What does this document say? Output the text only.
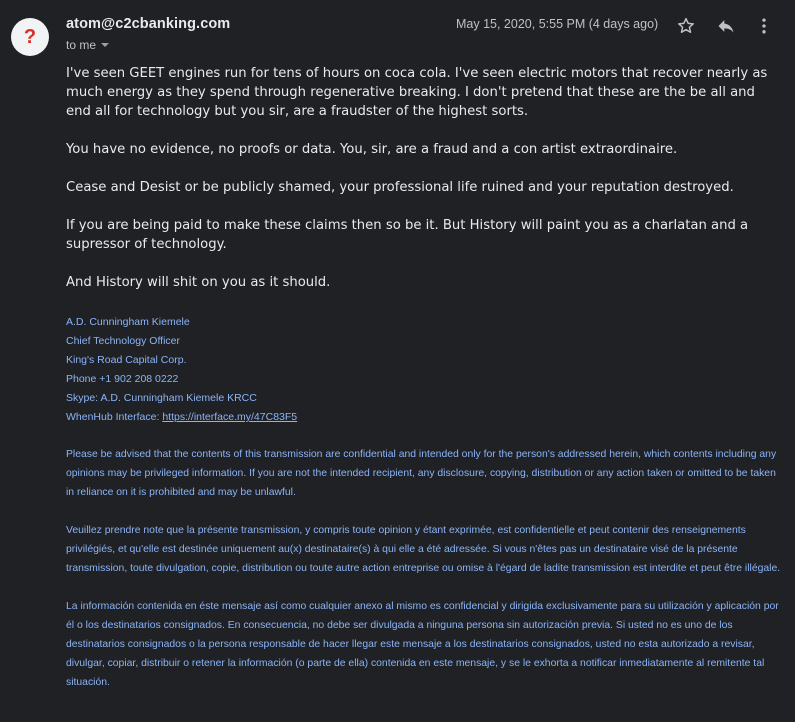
?
atom@c2cbanking.com
to me
May 15, 2020, 5:55 PM (4 days ago)

I've seen GEET engines run for tens of hours on coca cola. I've seen electric motors that recover nearly as much energy as they spend through regenerative breaking. I don't pretend that these are the be all and end all for technology but you sir, are a fraudster of the highest sorts.

You have no evidence, no proofs or data. You, sir, are a fraud and a con artist extraordinaire.

Cease and Desist or be publicly shamed, your professional life ruined and your reputation destroyed.

If you are being paid to make these claims then so be it. But History will paint you as a charlatan and a supressor of technology.

And History will shit on you as it should.

A.D. Cunningham Kiemele
Chief Technology Officer
King's Road Capital Corp.
Phone +1 902 208 0222
Skype: A.D. Cunningham Kiemele KRCC
WhenHub Interface: https://interface.my/47C83F5

Please be advised that the contents of this transmission are confidential and intended only for the person's addressed herein, which contents including any opinions may be privileged information. If you are not the intended recipient, any disclosure, copying, distribution or any action taken or omitted to be taken in reliance on it is prohibited and may be unlawful.

Veuillez prendre note que la présente transmission, y compris toute opinion y étant exprimée, est confidentielle et peut contenir des renseignements privilégiés, et qu'elle est destinée uniquement au(x) destinataire(s) à qui elle a été adressée. Si vous n'êtes pas un destinataire visé de la présente transmission, toute divulgation, copie, distribution ou toute autre action entreprise ou omise à l'égard de ladite transmission est interdite et peut être illégale.

La información contenida en éste mensaje así como cualquier anexo al mismo es confidencial y dirigida exclusivamente para su utilización y aplicación por él o los destinatarios consignados. En consecuencia, no debe ser divulgada a ninguna persona sin autorización previa. Si usted no es uno de los destinatarios consignados o la persona responsable de hacer llegar este mensaje a los destinatarios consignados, usted no esta autorizado a revisar, divulgar, copiar, distribuir o retener la información (o parte de ella) contenida en este mensaje, y se le exhorta a notificar inmediatamente al remitente tal situación.
